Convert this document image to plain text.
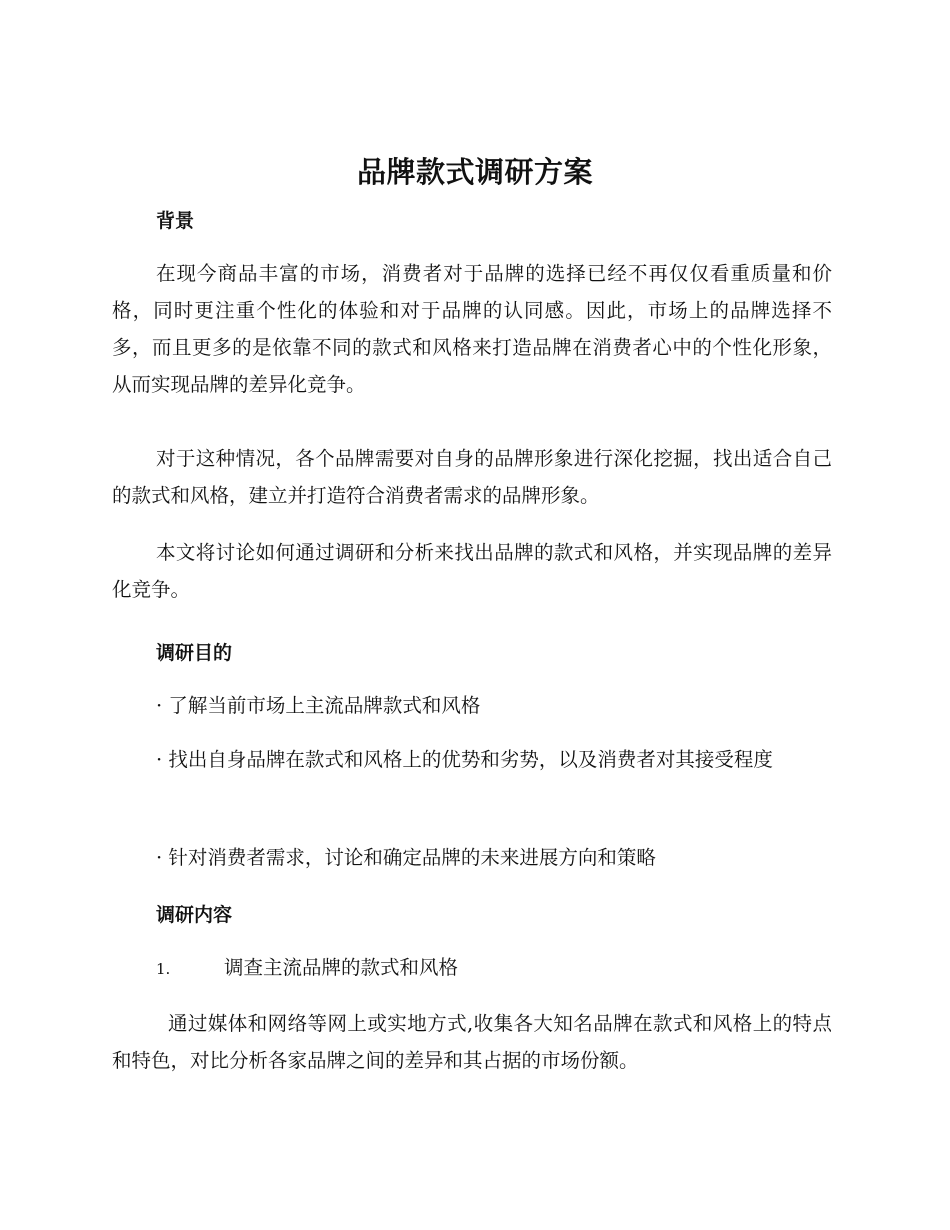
品牌款式调研方案
背景
在现今商品丰富的市场，消费者对于品牌的选择已经不再仅仅看重质量和价格，同时更注重个性化的体验和对于品牌的认同感。因此，市场上的品牌选择不多，而且更多的是依靠不同的款式和风格来打造品牌在消费者心中的个性化形象，从而实现品牌的差异化竞争。
对于这种情况，各个品牌需要对自身的品牌形象进行深化挖掘，找出适合自己的款式和风格，建立并打造符合消费者需求的品牌形象。
本文将讨论如何通过调研和分析来找出品牌的款式和风格，并实现品牌的差异化竞争。
调研目的
· 了解当前市场上主流品牌款式和风格
· 找出自身品牌在款式和风格上的优势和劣势，以及消费者对其接受程度
· 针对消费者需求，讨论和确定品牌的未来进展方向和策略
调研内容
1.	调查主流品牌的款式和风格
通过媒体和网络等网上或实地方式,收集各大知名品牌在款式和风格上的特点和特色，对比分析各家品牌之间的差异和其占据的市场份额。
